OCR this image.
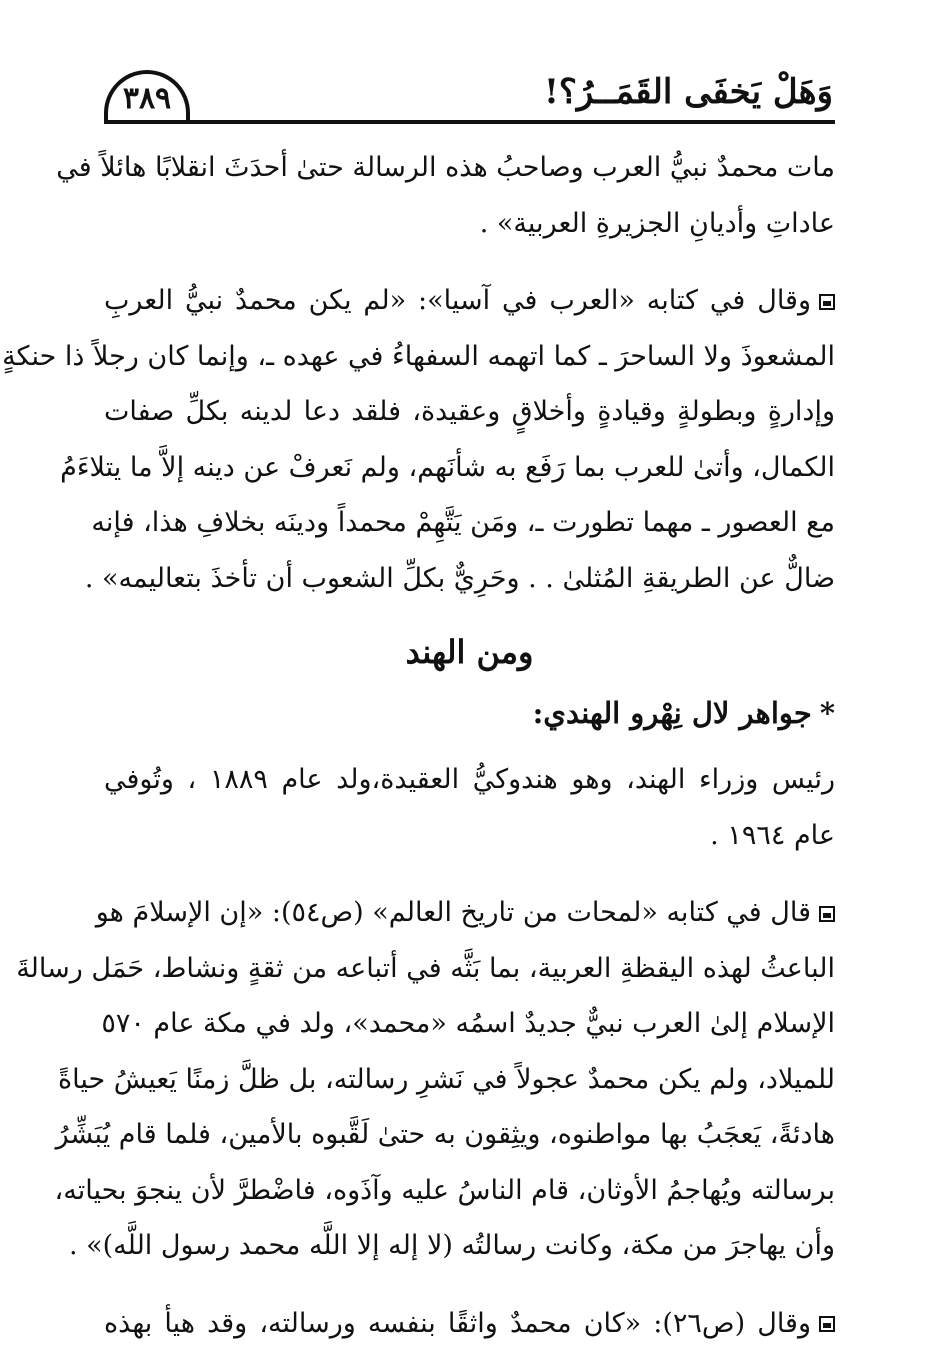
وَهَلْ يَخفَى القَمَــرُ؟!
٣٨٩

مات محمدٌ نبيُّ العرب وصاحبُ هذه الرسالة حتىٰ أحدَثَ انقلابًا هائلاً في
عاداتِ وأديانِ الجزيرةِ العربية» .

وقال في كتابه «العرب في آسيا»: «لم يكن محمدٌ نبيُّ العربِ
المشعوذَ ولا الساحرَ ـ كما اتهمه السفهاءُ في عهده ـ، وإنما كان رجلاً ذا حنكةٍ
وإدارةٍ وبطولةٍ وقيادةٍ وأخلاقٍ وعقيدة، فلقد دعا لدينه بكلِّ صفات
الكمال، وأتىٰ للعرب بما رَفَع به شأنَهم، ولم نَعرفْ عن دينه إلاَّ ما يتلاءَمُ
مع العصور ـ مهما تطورت ـ، ومَن يَتَّهِمْ محمداً ودينَه بخلافِ هذا، فإنه
ضالٌّ عن الطريقةِ المُثلىٰ . . وحَرِيٌّ بكلِّ الشعوب أن تأخذَ بتعاليمه» .

ومن الهند
*جواهر لال نِهْرو الهندي:

رئيس وزراء الهند، وهو هندوكيُّ العقيدة،ولد عام ١٨٨٩ ، وتُوفي
عام ١٩٦٤ .

قال في كتابه «لمحات من تاريخ العالم» (ص٥٤): «إن الإسلامَ هو
الباعثُ لهذه اليقظةِ العربية، بما بَثَّه في أتباعه من ثقةٍ ونشاط، حَمَل رسالةَ
الإسلام إلىٰ العرب نبيٌّ جديدٌ اسمُه «محمد»، ولد في مكة عام ٥٧٠
للميلاد، ولم يكن محمدٌ عجولاً في نَشرِ رسالته، بل ظلَّ زمنًا يَعيشُ حياةً
هادئةً، يَعجَبُ بها مواطنوه، ويثِقون به حتىٰ لَقَّبوه بالأمين، فلما قام يُبَشِّرُ
برسالته ويُهاجمُ الأوثان، قام الناسُ عليه وآذَوه، فاضْطرَّ لأن ينجوَ بحياته،
وأن يهاجرَ من مكة، وكانت رسالتُه (لا إله إلا اللَّه محمد رسول اللَّه)» .

وقال (ص٢٦): «كان محمدٌ واثقًا بنفسه ورسالته، وقد هيأ بهذه
